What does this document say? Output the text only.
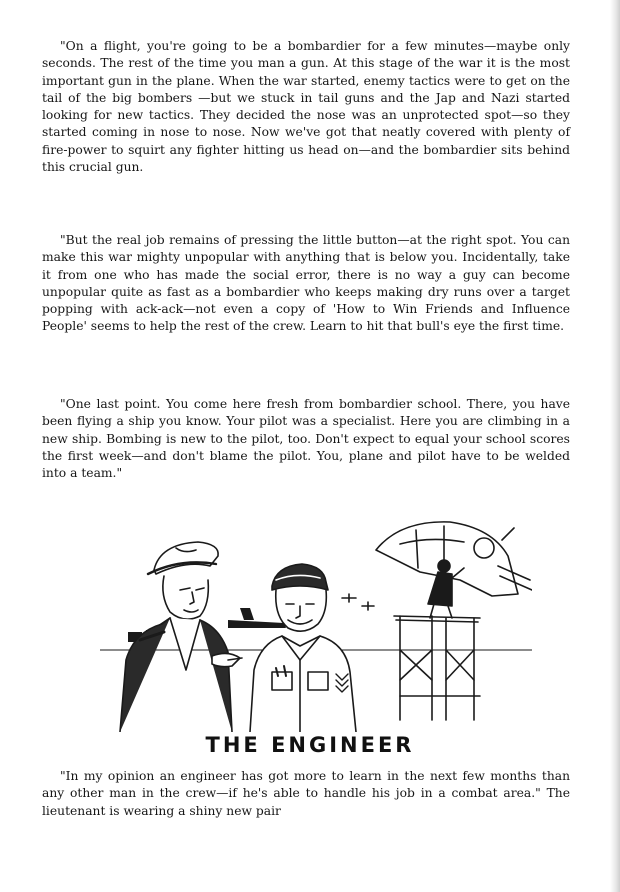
"On a flight, you're going to be a bombardier for a few minutes—maybe only seconds. The rest of the time you man a gun. At this stage of the war it is the most important gun in the plane. When the war started, enemy tactics were to get on the tail of the big bombers —but we stuck in tail guns and the Jap and Nazi started looking for new tactics. They decided the nose was an unprotected spot—so they started coming in nose to nose. Now we've got that neatly covered with plenty of fire-power to squirt any fighter hitting us head on—and the bombardier sits behind this crucial gun.

"But the real job remains of pressing the little button—at the right spot. You can make this war mighty unpopular with anything that is below you. Incidentally, take it from one who has made the social error, there is no way a guy can become unpopular quite as fast as a bombardier who keeps making dry runs over a target popping with ack-ack—not even a copy of 'How to Win Friends and Influence People' seems to help the rest of the crew. Learn to hit that bull's eye the first time.

"One last point. You come here fresh from bombardier school. There, you have been flying a ship you know. Your pilot was a specialist. Here you are climbing in a new ship. Bombing is new to the pilot, too. Don't expect to equal your school scores the first week—and don't blame the pilot. You, plane and pilot have to be welded into a team."

THE ENGINEER

"In my opinion an engineer has got more to learn in the next few months than any other man in the crew—if he's able to handle his job in a combat area." The lieutenant is wearing a shiny new pair
